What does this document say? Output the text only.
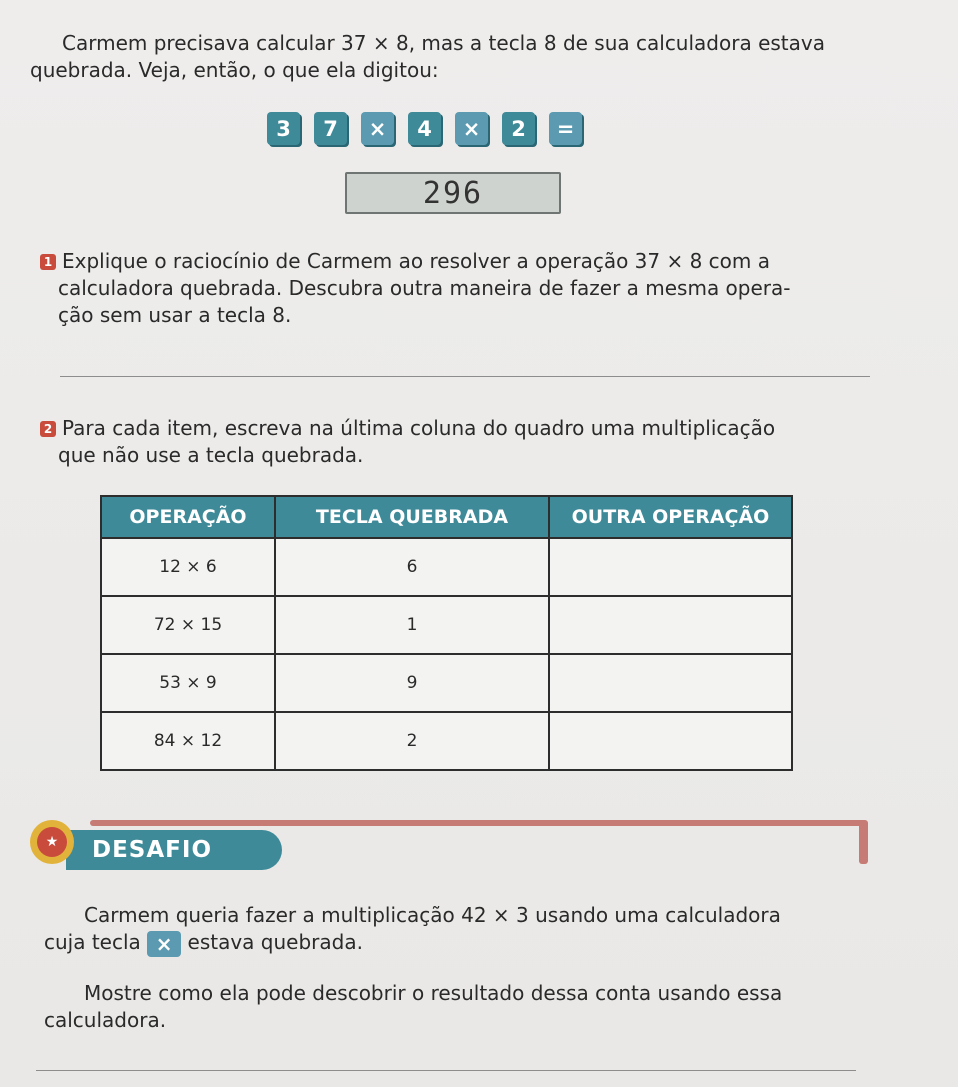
Carmem precisava calcular 37 × 8, mas a tecla 8 de sua calculadora estava
quebrada. Veja, então, o que ela digitou:

3	7	×	4	×	2	=
296

1 Explique o raciocínio de Carmem ao resolver a operação 37 × 8 com a
calculadora quebrada. Descubra outra maneira de fazer a mesma opera-
ção sem usar a tecla 8.

2 Para cada item, escreva na última coluna do quadro uma multiplicação
que não use a tecla quebrada.

OPERAÇÃO	TECLA QUEBRADA	OUTRA OPERAÇÃO
12 × 6	6	
72 × 15	1	
53 × 9	9	
84 × 12	2	
DESAFIO
★

Carmem queria fazer a multiplicação 42 × 3 usando uma calculadora
cuja tecla × estava quebrada.

Mostre como ela pode descobrir o resultado dessa conta usando essa
calculadora.
